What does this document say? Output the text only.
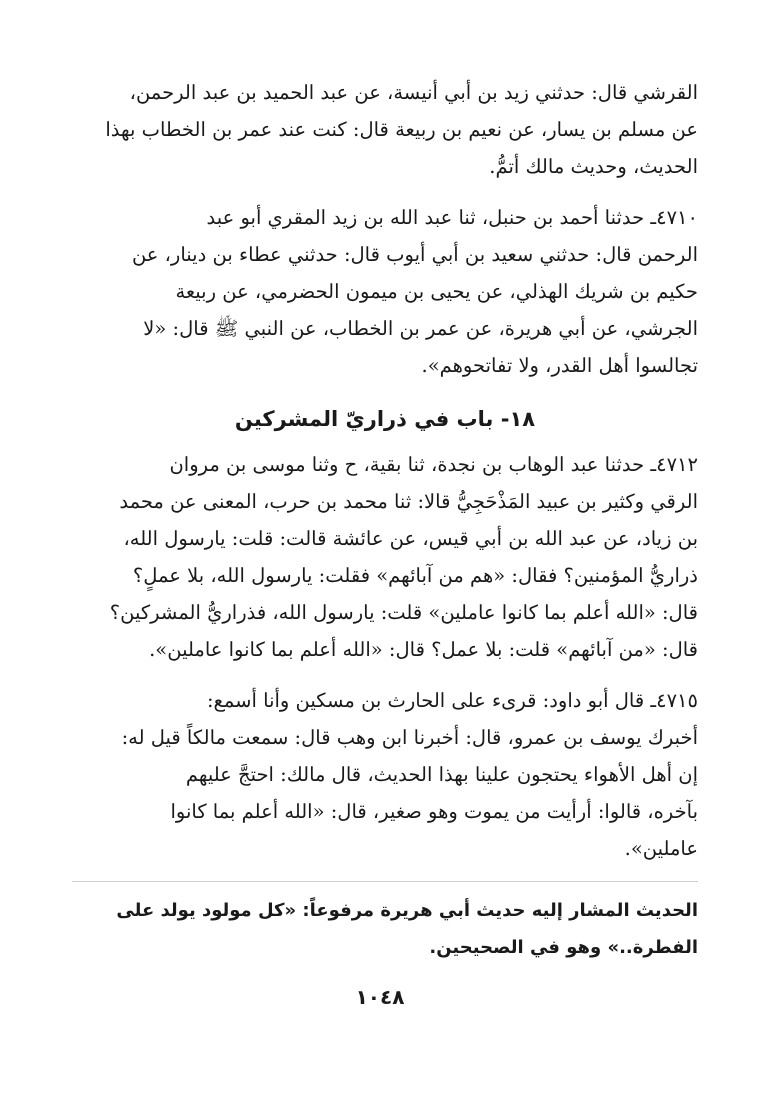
القرشي قال: حدثني زيد بن أبي أنيسة، عن عبد الحميد بن عبد الرحمن،
عن مسلم بن يسار، عن نعيم بن ربيعة قال: كنت عند عمر بن الخطاب بهذا
الحديث، وحديث مالك أتمُّ.

٤٧١٠ـ حدثنا أحمد بن حنبل، ثنا عبد الله بن زيد المقري أبو عبد
الرحمن قال: حدثني سعيد بن أبي أيوب قال: حدثني عطاء بن دينار، عن
حكيم بن شريك الهذلي، عن يحيى بن ميمون الحضرمي، عن ربيعة
الجرشي، عن أبي هريرة، عن عمر بن الخطاب، عن النبي ﷺ قال: «لا
تجالسوا أهل القدر، ولا تفاتحوهم».

١٨- باب في ذراريّ المشركين

٤٧١٢ـ حدثنا عبد الوهاب بن نجدة، ثنا بقية، ح وثنا موسى بن مروان
الرقي وكثير بن عبيد المَذْحَجِيُّ قالا: ثنا محمد بن حرب، المعنى عن محمد
بن زياد، عن عبد الله بن أبي قيس، عن عائشة قالت: قلت: يارسول الله،
ذراريُّ المؤمنين؟ فقال: «هم من آبائهم» فقلت: يارسول الله، بلا عملٍ؟
قال: «الله أعلم بما كانوا عاملين» قلت: يارسول الله، فذراريُّ المشركين؟
قال: «من آبائهم» قلت: بلا عمل؟ قال: «الله أعلم بما كانوا عاملين».

٤٧١٥ـ قال أبو داود: قرىء على الحارث بن مسكين وأنا أسمع:
أخبرك يوسف بن عمرو، قال: أخبرنا ابن وهب قال: سمعت مالكاً قيل له:
إن أهل الأهواء يحتجون علينا بهذا الحديث، قال مالك: احتجَّ عليهم
بآخره، قالوا: أرأيت من يموت وهو صغير، قال: «الله أعلم بما كانوا
عاملين».

الحديث المشار إليه حديث أبي هريرة مرفوعاً: «كل مولود يولد على
الفطرة..» وهو في الصحيحين.

١٠٤٨
